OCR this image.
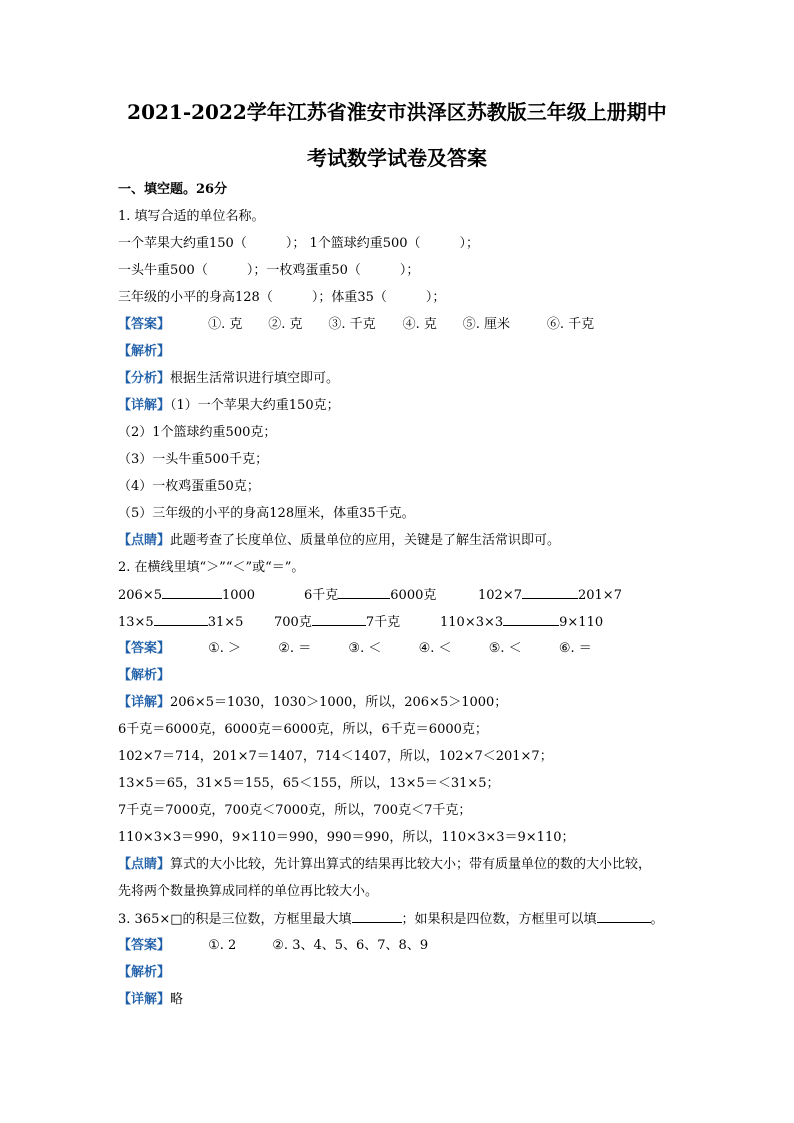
2021-2022学年江苏省淮安市洪泽区苏教版三年级上册期中
考试数学试卷及答案
一、填空题。26分
1. 填写合适的单位名称。
一个苹果大约重150（　　　）； 1个篮球约重500（　　　）；
一头牛重500（　　　）；一枚鸡蛋重50（　　　）；
三年级的小平的身高128（　　　）；体重35（　　　）；
【答案】	①. 克 ②. 克 ③. 千克 ④. 克 ⑤. 厘米	⑥. 千克
【解析】
【分析】根据生活常识进行填空即可。
【详解】（1）一个苹果大约重150克；
（2）1个篮球约重500克；
（3）一头牛重500千克；
（4）一枚鸡蛋重50克；
（5）三年级的小平的身高128厘米，体重35千克。
【点睛】此题考查了长度单位、质量单位的应用，关键是了解生活常识即可。
2. 在横线里填“＞”“＜”或“＝”。
206×5	1000	6千克	6000克	102×7	201×7
13×5	31×5 700克	7千克	110×3×3	9×110
【答案】	①. ＞	②. ＝	③. ＜	④. ＜	⑤. ＜	⑥. ＝
【解析】
【详解】206×5＝1030，1030＞1000，所以，206×5＞1000；
6千克＝6000克，6000克＝6000克，所以，6千克＝6000克；
102×7＝714，201×7＝1407，714＜1407，所以，102×7＜201×7；
13×5＝65，31×5＝155，65＜155，所以，13×5＝＜31×5；
7千克＝7000克，700克＜7000克，所以，700克＜7千克；
110×3×3＝990，9×110＝990，990＝990，所以，110×3×3＝9×110；
【点睛】算式的大小比较，先计算出算式的结果再比较大小；带有质量单位的数的大小比较，
先将两个数量换算成同样的单位再比较大小。
3. 365×□的积是三位数，方框里最大填	；如果积是四位数，方框里可以填	。
【答案】	①. 2	②. 3、4、5、6、7、8、9
【解析】
【详解】略
